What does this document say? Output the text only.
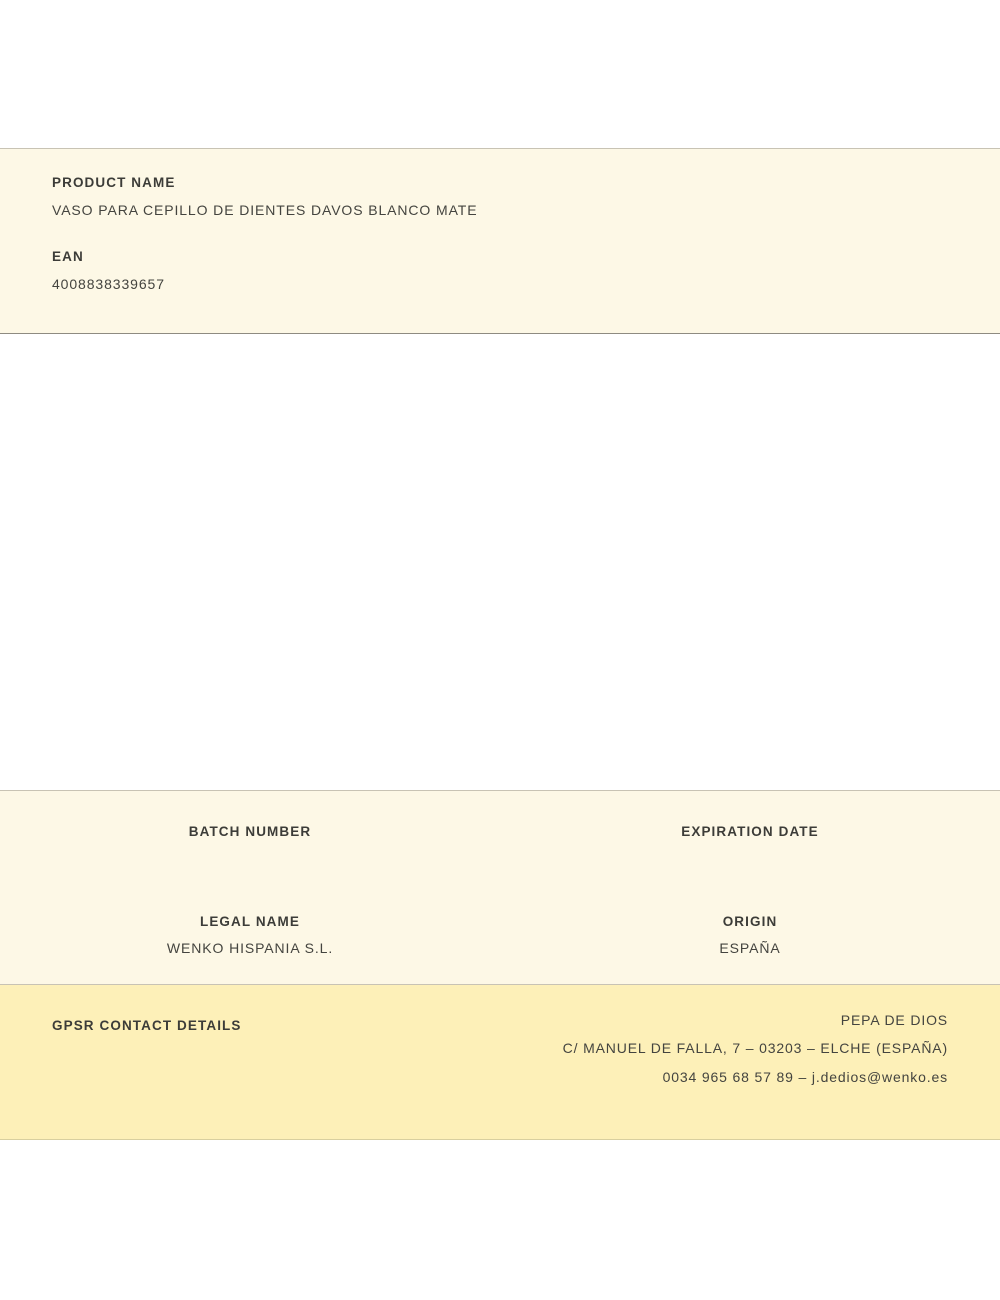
PRODUCT NAME

VASO PARA CEPILLO DE DIENTES DAVOS BLANCO MATE

EAN

4008838339657

BATCH NUMBER	EXPIRATION DATE

LEGAL NAME

WENKO HISPANIA S.L.

ORIGIN

ESPAÑA

GPSR CONTACT DETAILS	PEPA DE DIOS

C/ MANUEL DE FALLA, 7 – 03203 – ELCHE (ESPAÑA)

0034 965 68 57 89 – j.dedios@wenko.es
